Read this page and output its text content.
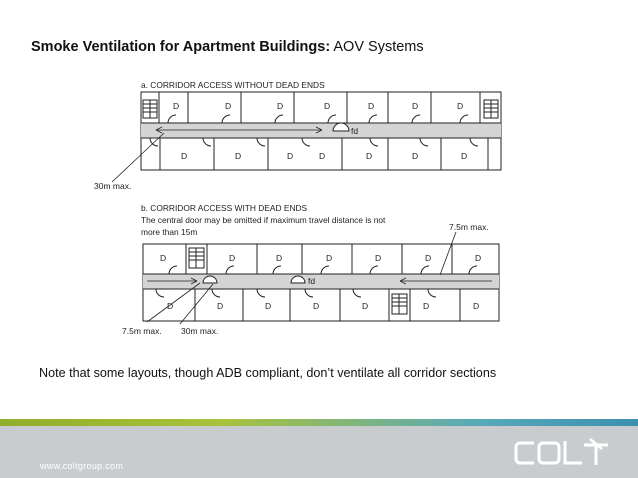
Smoke Ventilation for Apartment Buildings: AOV Systems
a. CORRIDOR ACCESS WITHOUT DEAD ENDS
D	D	D	D	D	D	D
D	D	D	D	D	D	D
fd
30m max.
b. CORRIDOR ACCESS WITH DEAD ENDS
The central door may be omitted if maximum travel distance is not
more than 15m	7.5m max.
D	D	D	D	D	D	D
D	D	D	D	D	D	D
fd
7.5m max. 30m max.
Note that some layouts, though ADB compliant, don’t ventilate all corridor sections
www.coltgroup.com
COLT
